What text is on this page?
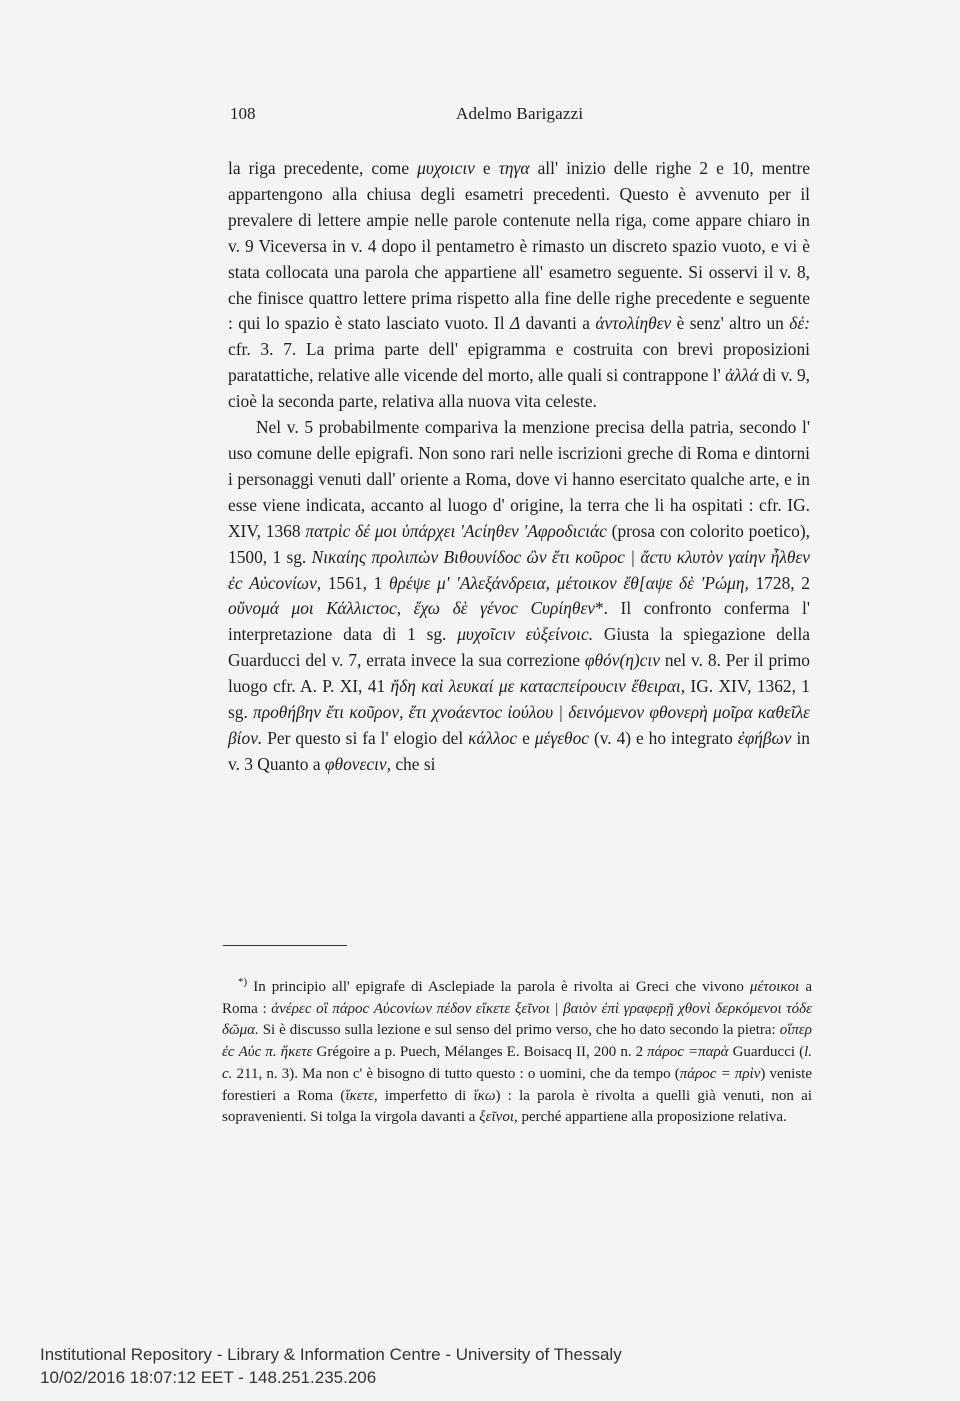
108	Adelmo Barigazzi

la riga precedente, come μυχοιcιν e τηγα all' inizio delle righe 2 e 10, mentre appartengono alla chiusa degli esametri precedenti. Questo è avvenuto per il prevalere di lettere ampie nelle parole contenute nella riga, come appare chiaro in v. 9 Viceversa in v. 4 dopo il pentametro è rimasto un discreto spazio vuoto, e vi è stata collocata una parola che appartiene all' esametro seguente. Si osservi il v. 8, che finisce quattro lettere prima rispetto alla fine delle righe precedente e seguente : qui lo spazio è stato lasciato vuoto. Il Δ davanti a ἀντολίηθεν è senz' altro un δέ: cfr. 3. 7. La prima parte dell' epigramma e costruita con brevi proposizioni paratattiche, relative alle vicende del morto, alle quali si contrappone l' ἀλλά di v. 9, cioè la seconda parte, relativa alla nuova vita celeste.

Nel v. 5 probabilmente compariva la menzione precisa della patria, secondo l' uso comune delle epigrafi. Non sono rari nelle iscrizioni greche di Roma e dintorni i personaggi venuti dall' oriente a Roma, dove vi hanno esercitato qualche arte, e in esse viene indicata, accanto al luogo d' origine, la terra che li ha ospitati : cfr. IG. XIV, 1368 πατρὶc δέ μοι ὑπάρχει 'Acίηθεν 'Aφροδιcιάc (prosa con colorito poetico), 1500, 1 sg. Νικαίης προλιπὼν Βιθουνίδοc ὢν ἔτι κοῦροc | ἄcτυ κλυτὸν γαίην ἦλθεν ἐc Αὐcονίων, 1561, 1 θρέψε μ' 'Αλεξάνδρεια, μέτοικον ἔθ[αψε δὲ 'Ρώμη, 1728, 2 οὔνομά μοι Κάλλιcτοc, ἔχω δὲ γένοc Cυρίηθεν*. Il confronto conferma l' interpretazione data di 1 sg. μυχοῖcιν εὐξείνοιc. Giusta la spiegazione della Guarducci del v. 7, errata invece la sua correzione φθόν(η)cιν nel v. 8. Per il primo luogo cfr. A. P. XI, 41 ἤδη καὶ λευκαί με καταcπείρουcιν ἔθειραι, IG. XIV, 1362, 1 sg. προθήβην ἔτι κοῦρον, ἔτι χνοάεντοc ἰούλου | δεινόμενον φθονερὴ μοῖρα καθεῖλε βίον. Per questo si fa l' elogio del κάλλοc e μέγεθοc (v. 4) e ho integrato ἐφήβων in v. 3 Quanto a φθονεcιν, che si

*) In principio all' epigrafe di Asclepiade la parola è rivolta ai Greci che vivono μέτοικοι a Roma : ἀνέρεc οἳ πάροc Αὐcονίων πέδον εἴκετε ξεῖνοι | βαιὸν ἐπὶ γραφερῇ χθονὶ δερκόμενοι τόδε δῶμα. Si è discusso sulla lezione e sul senso del primo verso, che ho dato secondo la pietra: οἵπερ ἐc Αὐc π. ἥκετε Grégoire a p. Puech, Mélanges E. Boisacq II, 200 n. 2 πάροc =παρὰ Guarducci (l. c. 211, n. 3). Ma non c' è bisogno di tutto questo : o uomini, che da tempo (πάροc = πρὶν) veniste forestieri a Roma (ἵκετε, imperfetto di ἵκω) : la parola è rivolta a quelli già venuti, non ai sopravenienti. Si tolga la virgola davanti a ξεῖνοι, perché appartiene alla proposizione relativa.

Institutional Repository - Library & Information Centre - University of Thessaly
10/02/2016 18:07:12 EET - 148.251.235.206
